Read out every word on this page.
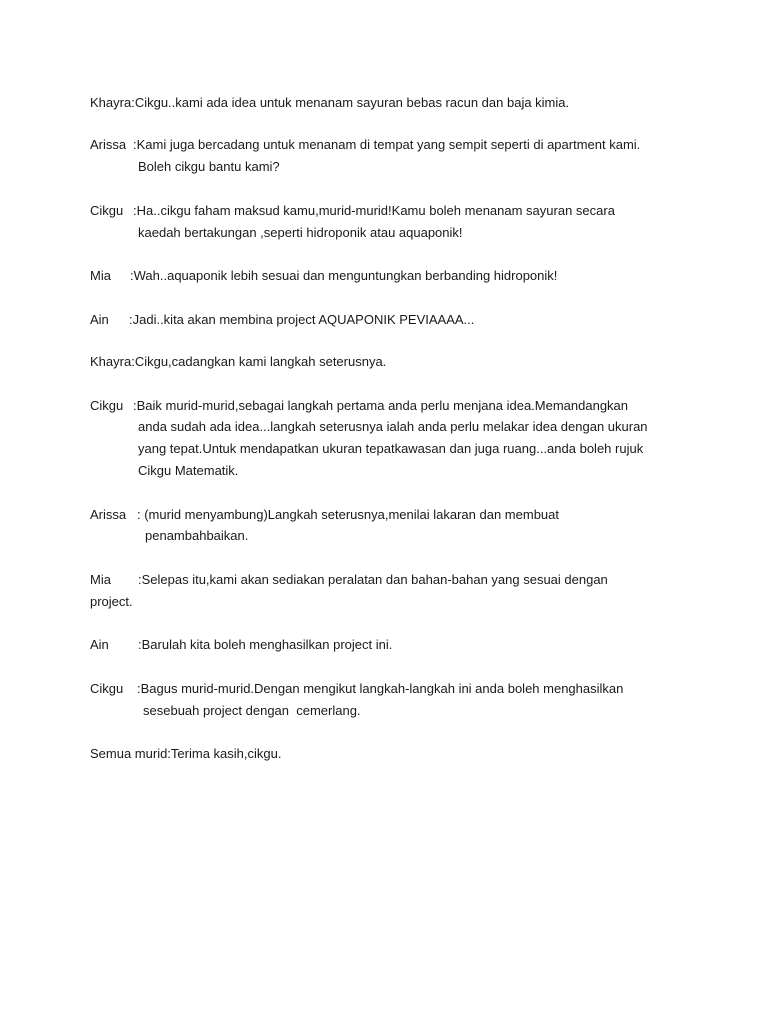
Khayra:Cikgu..kami ada idea untuk menanam sayuran bebas racun dan baja kimia.
Arissa :Kami juga bercadang untuk menanam di tempat yang sempit seperti di apartment kami.
Boleh cikgu bantu kami?
Cikgu :Ha..cikgu faham maksud kamu,murid-murid!Kamu boleh menanam sayuran secara
kaedah bertakungan ,seperti hidroponik atau aquaponik!
Mia :Wah..aquaponik lebih sesuai dan menguntungkan berbanding hidroponik!
Ain :Jadi..kita akan membina project AQUAPONIK PEVIAAAA...
Khayra:Cikgu,cadangkan kami langkah seterusnya.
Cikgu :Baik murid-murid,sebagai langkah pertama anda perlu menjana idea.Memandangkan
anda sudah ada idea...langkah seterusnya ialah anda perlu melakar idea dengan ukuran
yang tepat.Untuk mendapatkan ukuran tepatkawasan dan juga ruang...anda boleh rujuk
Cikgu Matematik.
Arissa : (murid menyambung)Langkah seterusnya,menilai lakaran dan membuat
penambahbaikan.
Mia :Selepas itu,kami akan sediakan peralatan dan bahan-bahan yang sesuai dengan
project.
Ain :Barulah kita boleh menghasilkan project ini.
Cikgu :Bagus murid-murid.Dengan mengikut langkah-langkah ini anda boleh menghasilkan
sesebuah project dengan  cemerlang.
Semua murid:Terima kasih,cikgu.
